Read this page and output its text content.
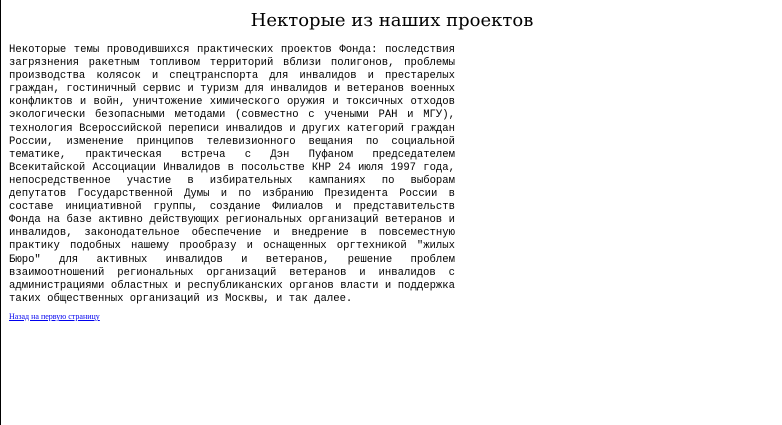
Некторые из наших проектов

Некоторые темы проводившихся практических проектов Фонда: последствия загрязнения ракетным топливом территорий вблизи полигонов, проблемы производства колясок и спецтранспорта для инвалидов и престарелых граждан, гостиничный сервис и туризм для инвалидов и ветеранов военных конфликтов и войн, уничтожение химического оружия и токсичных отходов экологически безопасными методами (совместно с учеными РАН и МГУ), технология Всероссийской переписи инвалидов и других категорий граждан России, изменение принципов телевизионного вещания по социальной тематике, практическая встреча с Дэн Пуфаном председателем Всекитайской Ассоциации Инвалидов в посольстве КНР 24 июля 1997 года, непосредственное участие в избирательных кампаниях по выборам депутатов Государственной Думы и по избранию Президента России в составе инициативной группы, создание Филиалов и представительств Фонда на базе активно действующих региональных организаций ветеранов и инвалидов, законодательное обеспечение и внедрение в повсеместную практику подобных нашему прообразу и оснащенных оргтехникой "жилых Бюро" для активных инвалидов и ветеранов, решение проблем взаимоотношений региональных организаций ветеранов и инвалидов с администрациями областных и республиканских органов власти и поддержка таких общественных организаций из Москвы, и так далее.

Назад на первую страницу
